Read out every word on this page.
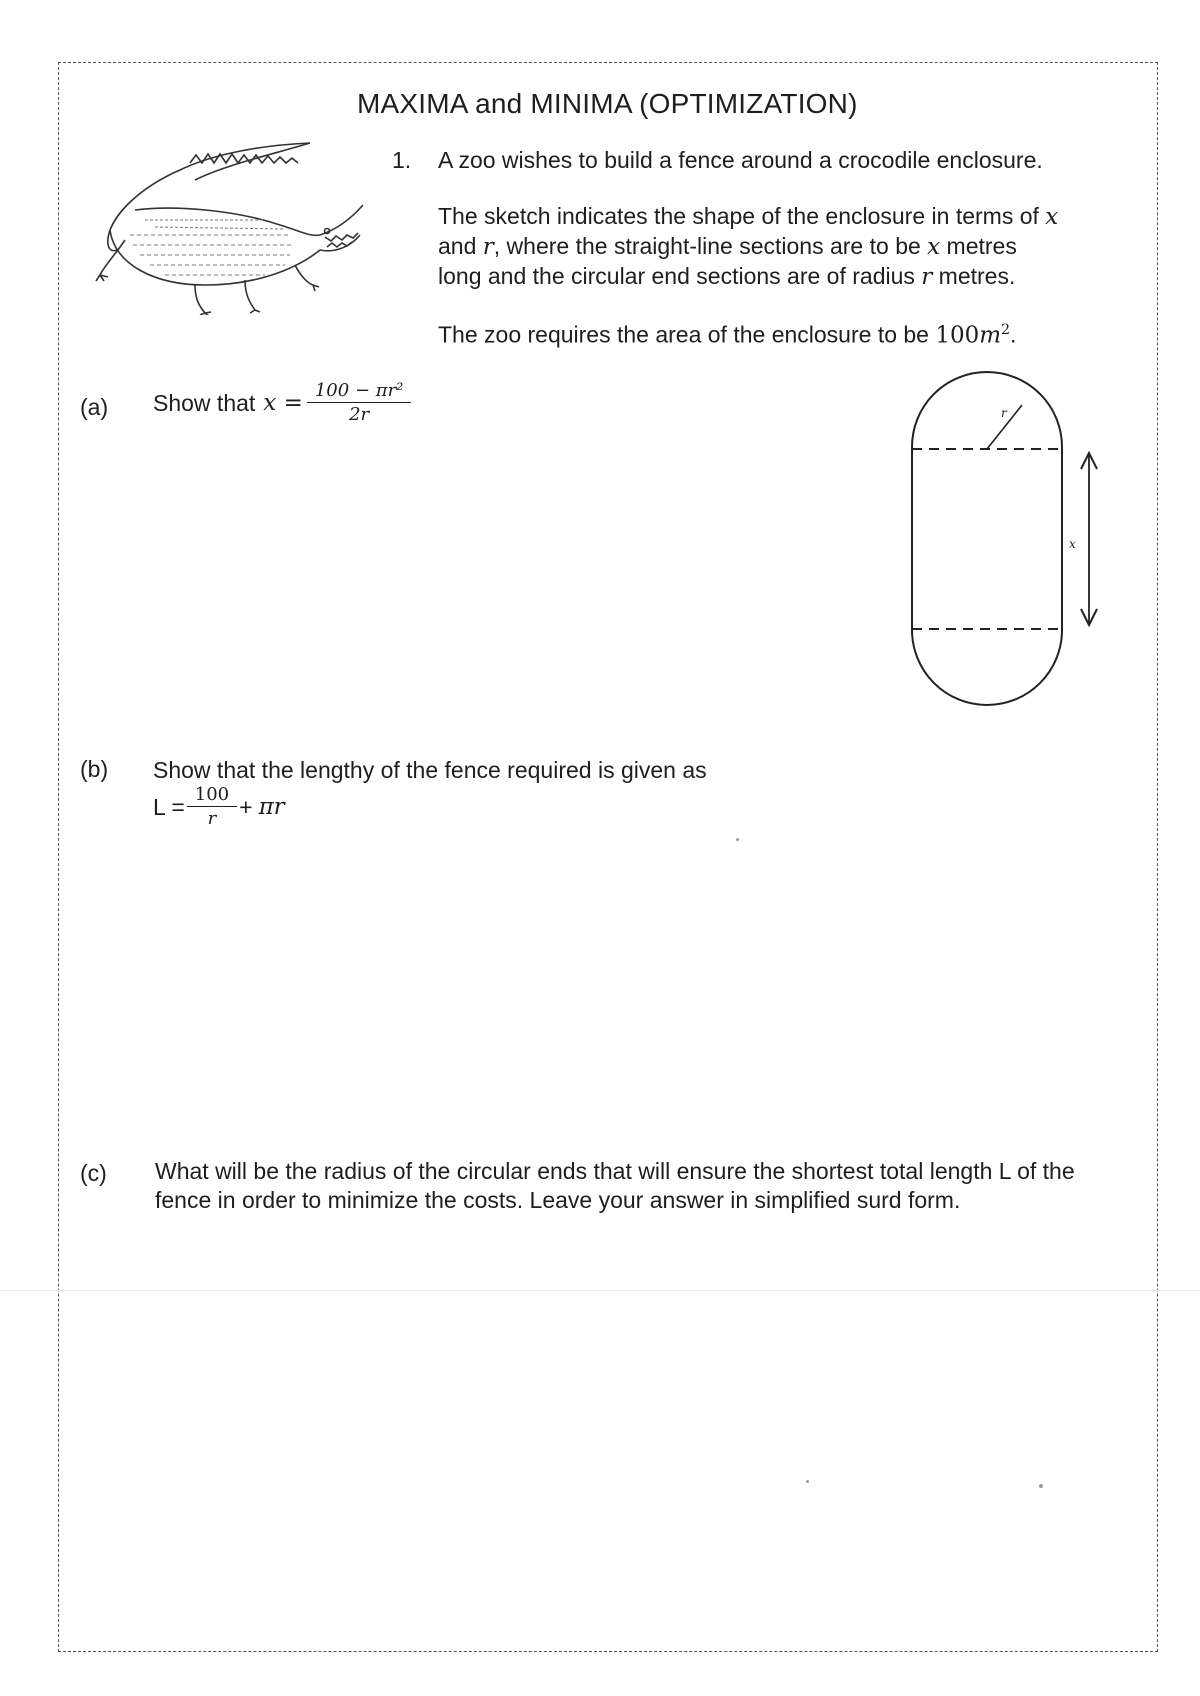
MAXIMA and MINIMA (OPTIMIZATION)
1. A zoo wishes to build a fence around a crocodile enclosure.
The sketch indicates the shape of the enclosure in terms of x
and r, where the straight-line sections are to be x metres
long and the circular end sections are of radius r metres.
The zoo requires the area of the enclosure to be $100m^2$.
(a) Show that $x = \frac{\text{100 − πr²}}{2r}$	r
x
(b) Show that the lengthy of the fence required is given as
$L = \frac{100}{r} + \pi r$
(c) What will be the radius of the circular ends that will ensure the shortest total length L of the
fence in order to minimize the costs. Leave your answer in simplified surd form.
